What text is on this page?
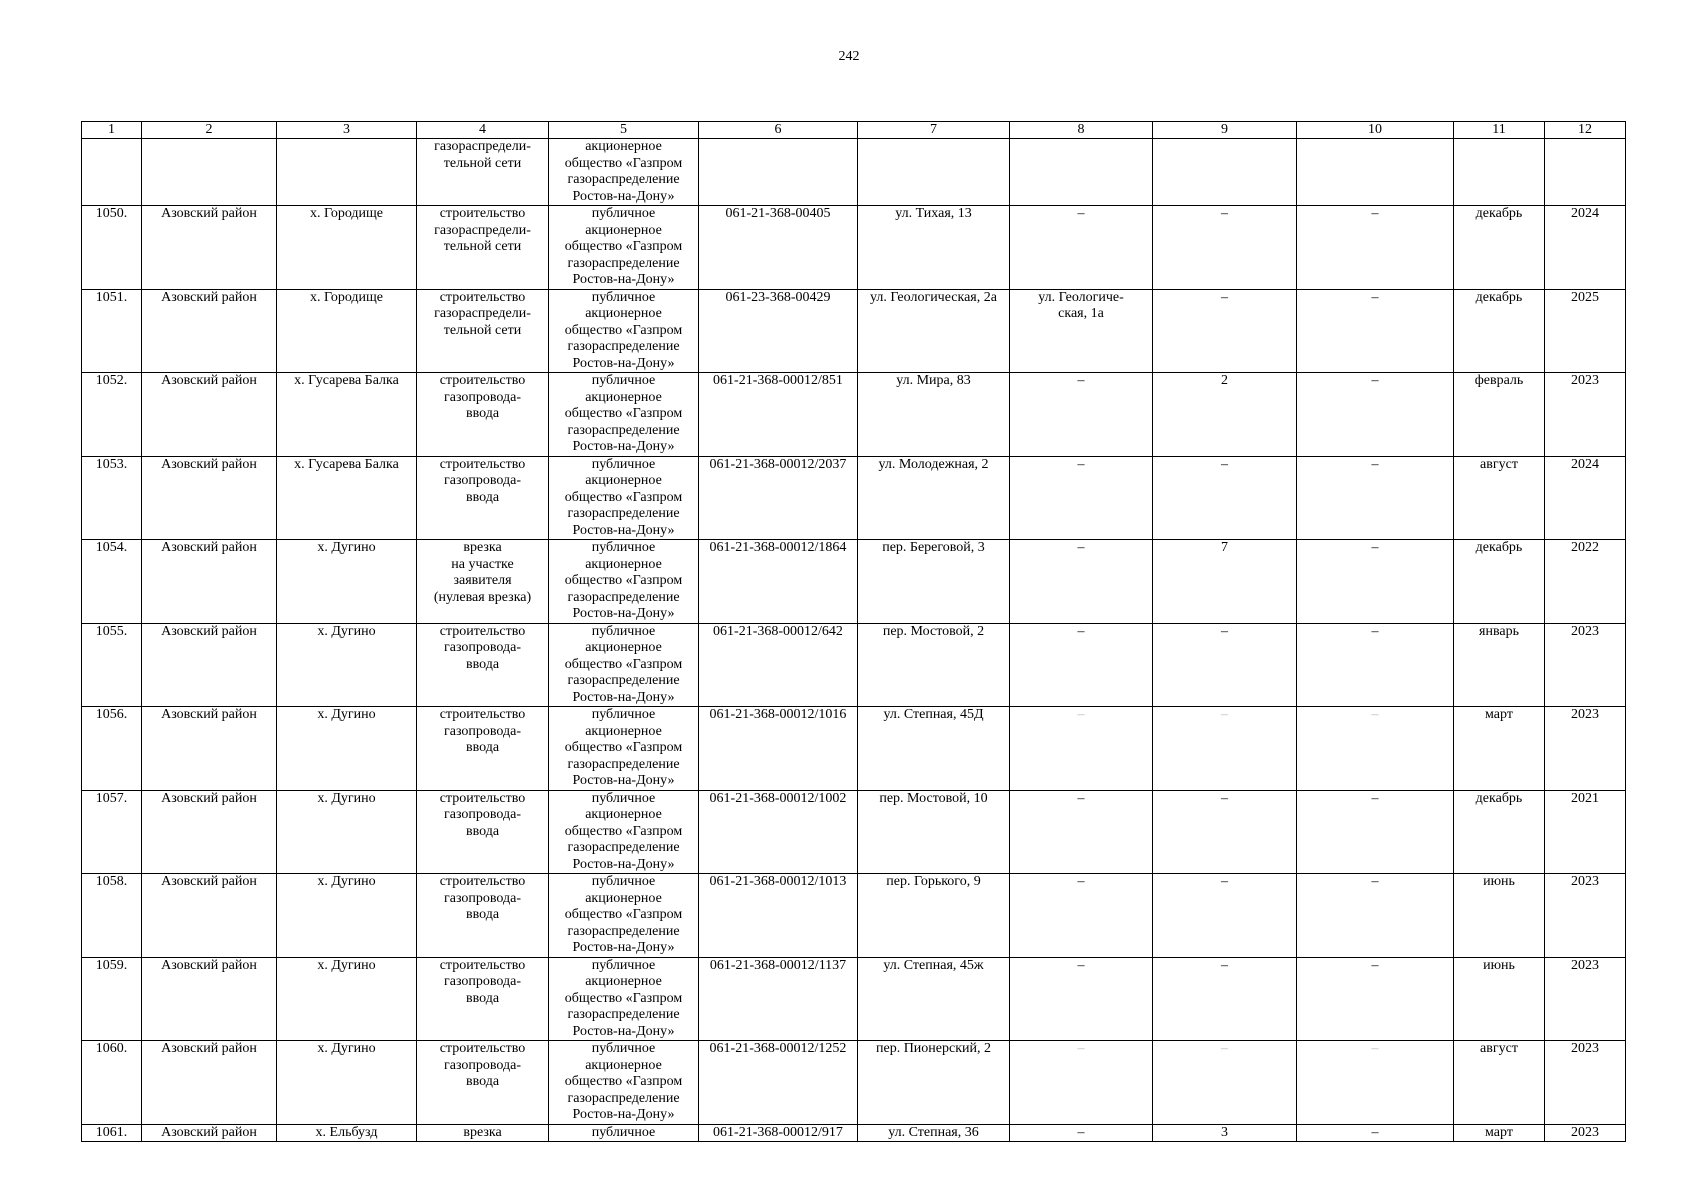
242
1	2	3	4	5	6	7	8	9	10	11	12
			газораспредели-
тельной сети	акционерное
общество «Газпром
газораспределение
Ростов-на-Дону»							
1050.	Азовский район	х. Городище	строительство
газораспредели-
тельной сети	публичное
акционерное
общество «Газпром
газораспределение
Ростов-на-Дону»	061-21-368-00405	ул. Тихая, 13	–	–	–	декабрь	2024
1051.	Азовский район	х. Городище	строительство
газораспредели-
тельной сети	публичное
акционерное
общество «Газпром
газораспределение
Ростов-на-Дону»	061-23-368-00429	ул. Геологическая, 2а	ул. Геологиче-
ская, 1а	–	–	декабрь	2025
1052.	Азовский район	х. Гусарева Балка	строительство
газопровода-
ввода	публичное
акционерное
общество «Газпром
газораспределение
Ростов-на-Дону»	061-21-368-00012/851	ул. Мира, 83	–	2	–	февраль	2023
1053.	Азовский район	х. Гусарева Балка	строительство
газопровода-
ввода	публичное
акционерное
общество «Газпром
газораспределение
Ростов-на-Дону»	061-21-368-00012/2037	ул. Молодежная, 2	–	–	–	август	2024
1054.	Азовский район	х. Дугино	врезка
на участке
заявителя
(нулевая врезка)	публичное
акционерное
общество «Газпром
газораспределение
Ростов-на-Дону»	061-21-368-00012/1864	пер. Береговой, 3	–	7	–	декабрь	2022
1055.	Азовский район	х. Дугино	строительство
газопровода-
ввода	публичное
акционерное
общество «Газпром
газораспределение
Ростов-на-Дону»	061-21-368-00012/642	пер. Мостовой, 2	–	–	–	январь	2023
1056.	Азовский район	х. Дугино	строительство
газопровода-
ввода	публичное
акционерное
общество «Газпром
газораспределение
Ростов-на-Дону»	061-21-368-00012/1016	ул. Степная, 45Д	–	–	–	март	2023
1057.	Азовский район	х. Дугино	строительство
газопровода-
ввода	публичное
акционерное
общество «Газпром
газораспределение
Ростов-на-Дону»	061-21-368-00012/1002	пер. Мостовой, 10	–	–	–	декабрь	2021
1058.	Азовский район	х. Дугино	строительство
газопровода-
ввода	публичное
акционерное
общество «Газпром
газораспределение
Ростов-на-Дону»	061-21-368-00012/1013	пер. Горького, 9	–	–	–	июнь	2023
1059.	Азовский район	х. Дугино	строительство
газопровода-
ввода	публичное
акционерное
общество «Газпром
газораспределение
Ростов-на-Дону»	061-21-368-00012/1137	ул. Степная, 45ж	–	–	–	июнь	2023
1060.	Азовский район	х. Дугино	строительство
газопровода-
ввода	публичное
акционерное
общество «Газпром
газораспределение
Ростов-на-Дону»	061-21-368-00012/1252	пер. Пионерский, 2	–	–	–	август	2023
1061.	Азовский район	х. Ельбузд	врезка	публичное	061-21-368-00012/917	ул. Степная, 36	–	3	–	март	2023
